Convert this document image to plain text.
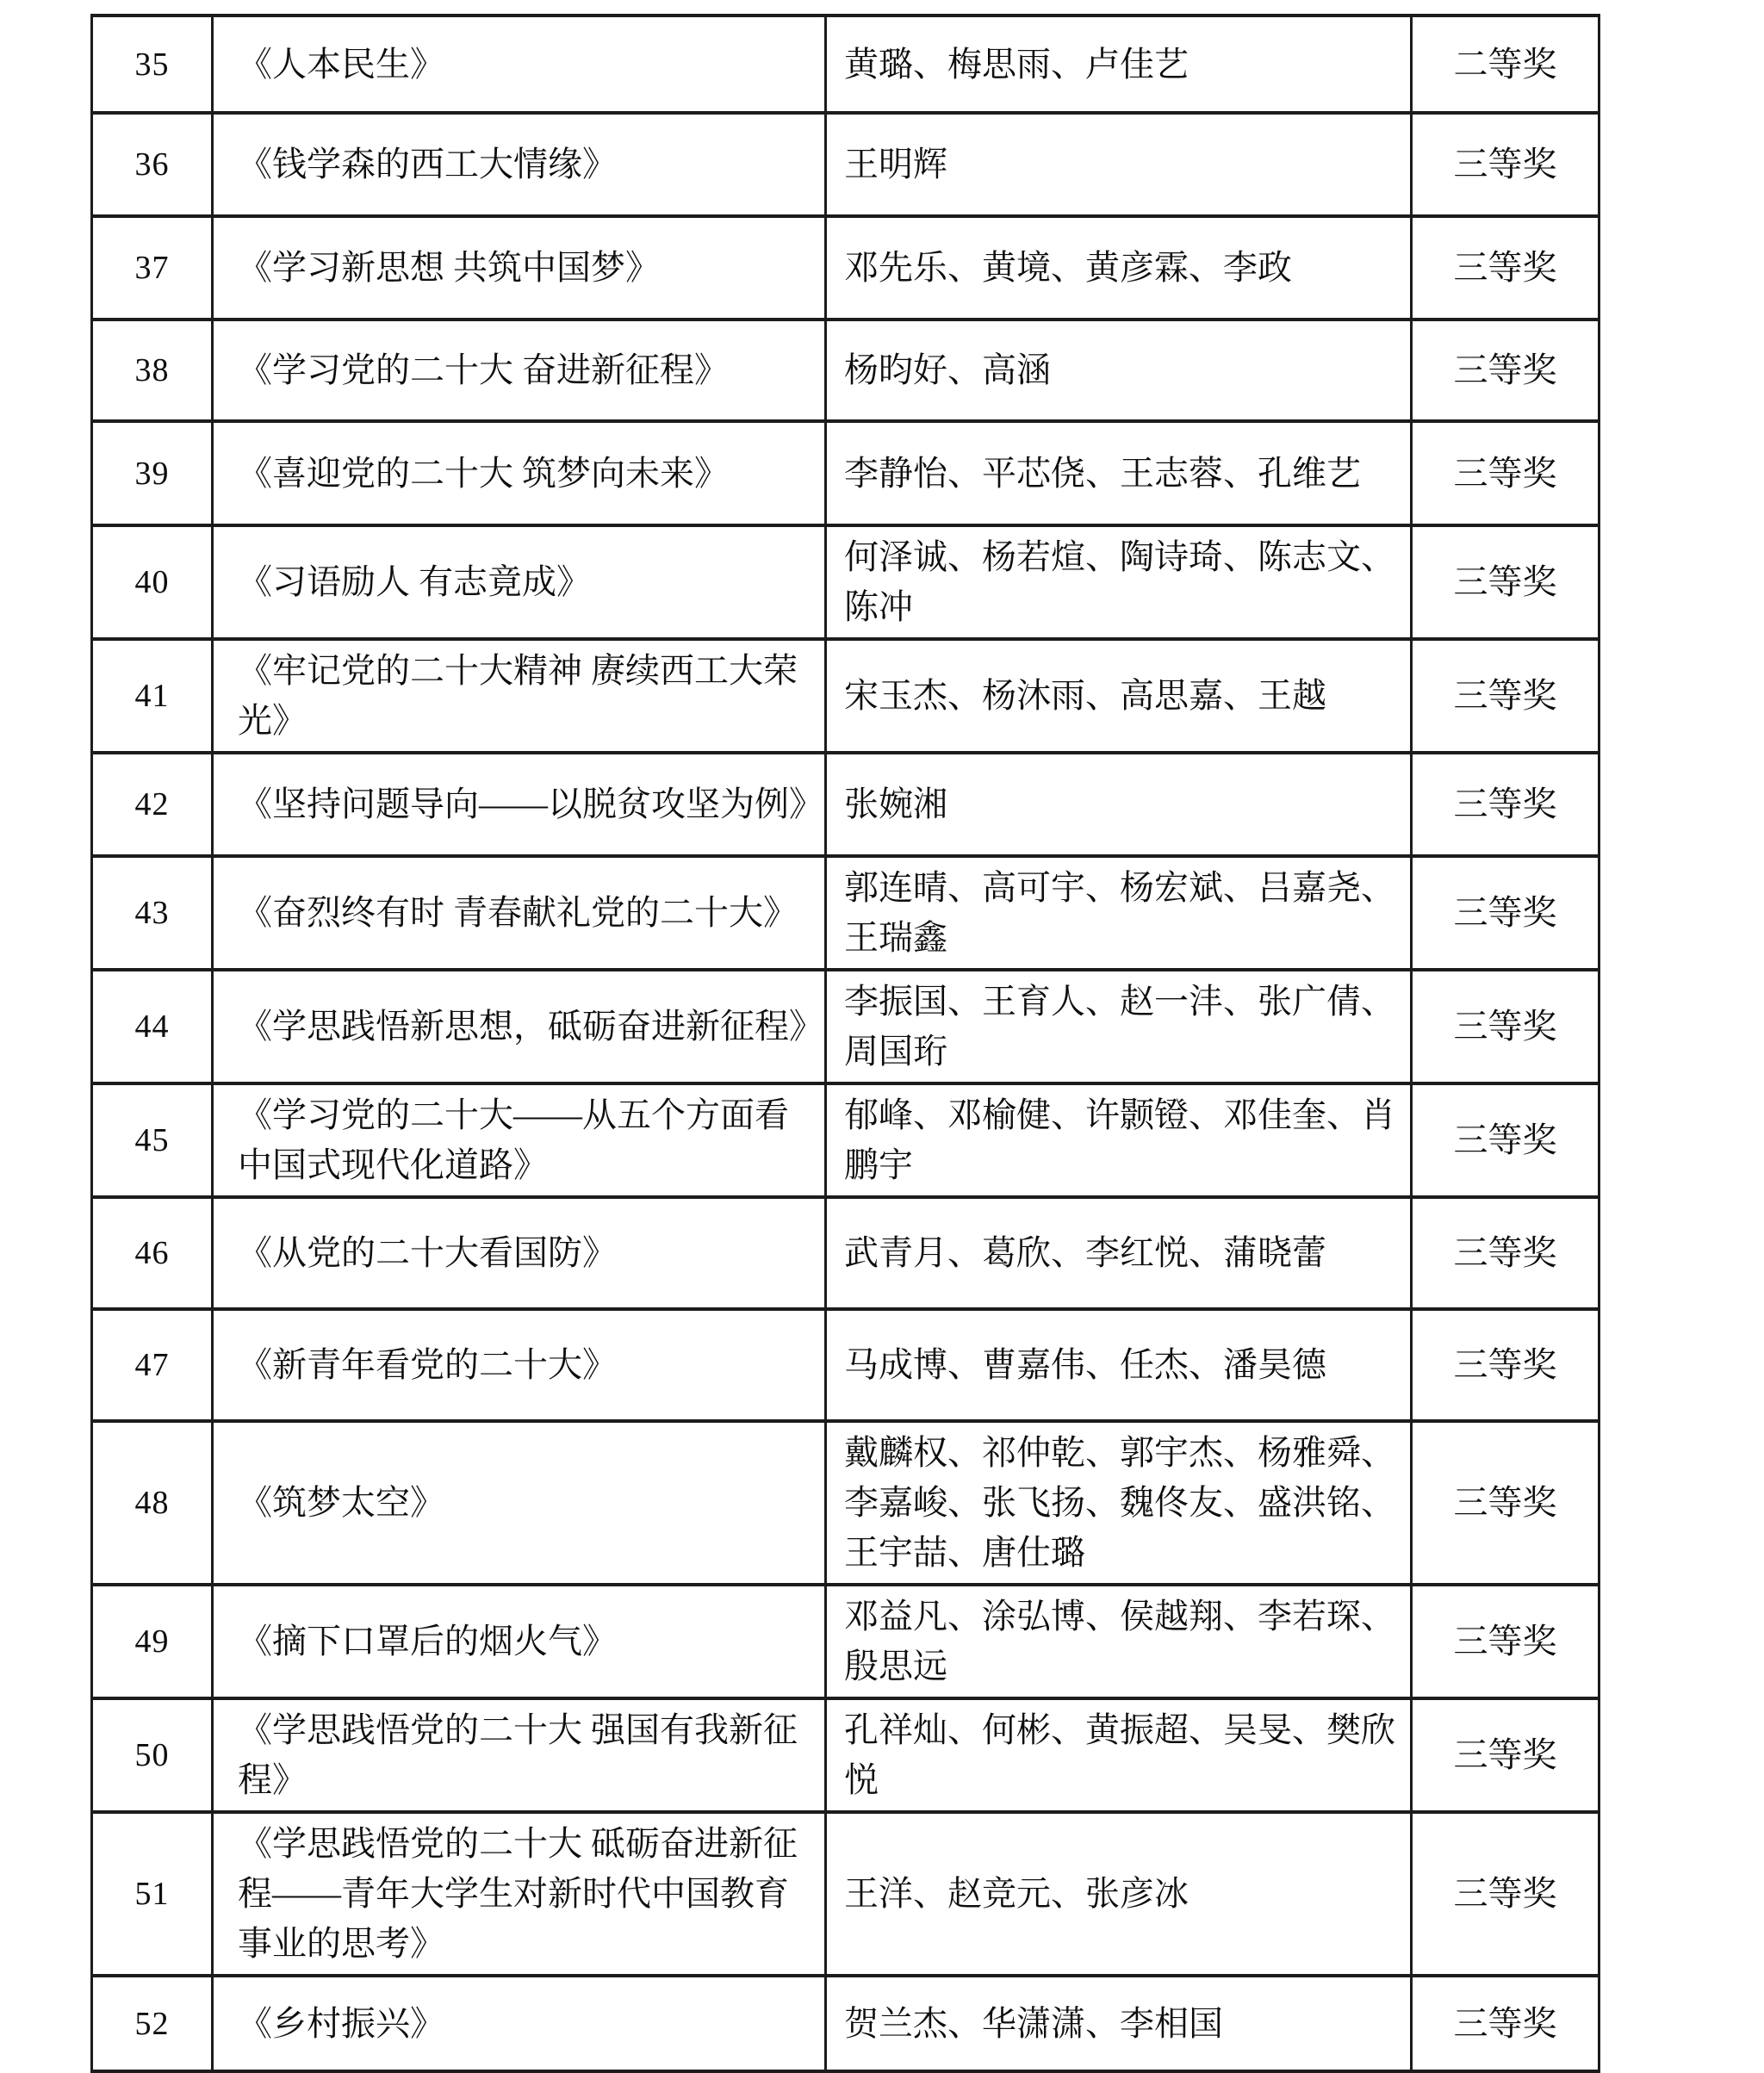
35	《人本民生》	黄璐、梅思雨、卢佳艺	二等奖
36	《钱学森的西工大情缘》	王明辉	三等奖
37	《学习新思想 共筑中国梦》	邓先乐、黄境、黄彦霖、李政	三等奖
38	《学习党的二十大 奋进新征程》	杨昀好、高涵	三等奖
39	《喜迎党的二十大 筑梦向未来》	李静怡、平芯侥、王志蓉、孔维艺	三等奖
40	《习语励人 有志竟成》	何泽诚、杨若煊、陶诗琦、陈志文、陈冲	三等奖
41	《牢记党的二十大精神 赓续西工大荣光》	宋玉杰、杨沐雨、高思嘉、王越	三等奖
42	《坚持问题导向——以脱贫攻坚为例》	张婉湘	三等奖
43	《奋烈终有时 青春献礼党的二十大》	郭连晴、高可宇、杨宏斌、吕嘉尧、王瑞鑫	三等奖
44	《学思践悟新思想，砥砺奋进新征程》	李振国、王育人、赵一沣、张广倩、周国珩	三等奖
45	《学习党的二十大——从五个方面看中国式现代化道路》	郁峰、邓榆健、许颢镫、邓佳奎、肖鹏宇	三等奖
46	《从党的二十大看国防》	武青月、葛欣、李红悦、蒲晓蕾	三等奖
47	《新青年看党的二十大》	马成博、曹嘉伟、任杰、潘昊德	三等奖
48	《筑梦太空》	戴麟权、祁仲乾、郭宇杰、杨雅舜、李嘉峻、张飞扬、魏佟友、盛洪铭、王宇喆、唐仕璐	三等奖
49	《摘下口罩后的烟火气》	邓益凡、涂弘博、侯越翔、李若琛、殷思远	三等奖
50	《学思践悟党的二十大 强国有我新征程》	孔祥灿、何彬、黄振超、吴旻、樊欣悦	三等奖
51	《学思践悟党的二十大 砥砺奋进新征程——青年大学生对新时代中国教育事业的思考》	王洋、赵竞元、张彦冰	三等奖
52	《乡村振兴》	贺兰杰、华潇潇、李相国	三等奖
